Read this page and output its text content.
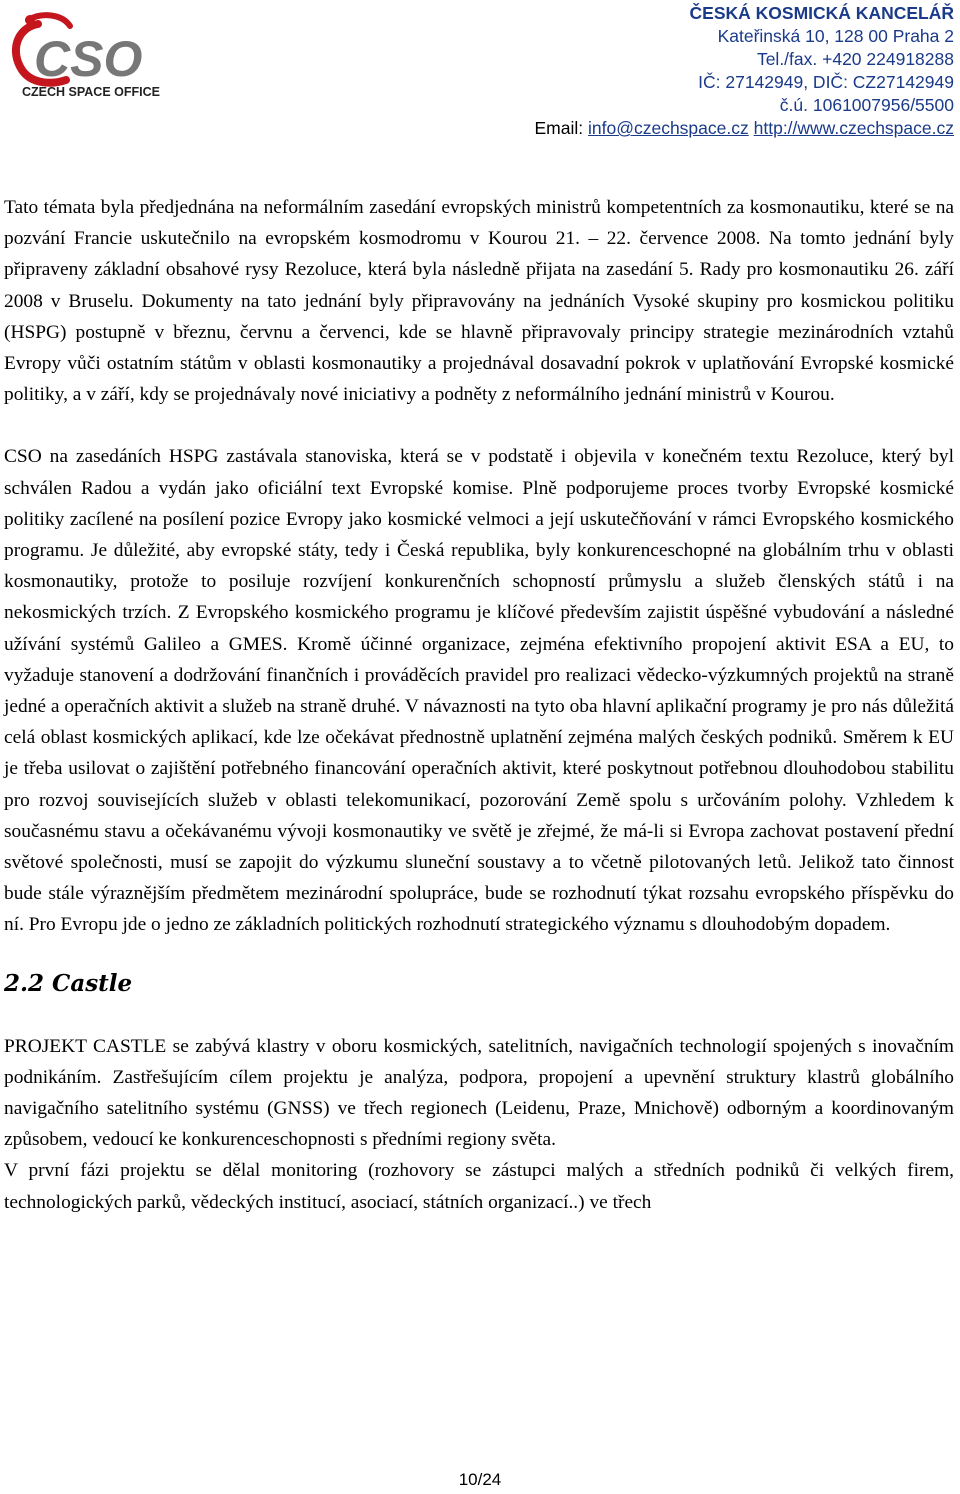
CSO
CZECH SPACE OFFICE
ČESKÁ KOSMICKÁ KANCELÁŘ
Kateřinská 10, 128 00 Praha 2
Tel./fax. +420 224918288
IČ: 27142949, DIČ: CZ27142949
č.ú. 1061007956/5500
Email: info@czechspace.cz http://www.czechspace.cz

Tato témata byla předjednána na neformálním zasedání evropských ministrů kompetentních za kosmonautiku, které se na pozvání Francie uskutečnilo na evropském kosmodromu v Kourou 21. – 22. července 2008. Na tomto jednání byly připraveny základní obsahové rysy Rezoluce, která byla následně přijata na zasedání 5. Rady pro kosmonautiku 26. září 2008 v Bruselu. Dokumenty na tato jednání byly připravovány na jednáních Vysoké skupiny pro kosmickou politiku (HSPG) postupně v březnu, červnu a červenci, kde se hlavně připravovaly principy strategie mezinárodních vztahů Evropy vůči ostatním státům v oblasti kosmonautiky a projednával dosavadní pokrok v uplatňování Evropské kosmické politiky, a v září, kdy se projednávaly nové iniciativy a podněty z neformálního jednání ministrů v Kourou.

CSO na zasedáních HSPG zastávala stanoviska, která se v podstatě i objevila v konečném textu Rezoluce, který byl schválen Radou a vydán jako oficiální text Evropské komise. Plně podporujeme proces tvorby Evropské kosmické politiky zacílené na posílení pozice Evropy jako kosmické velmoci a její uskutečňování v rámci Evropského kosmického programu. Je důležité, aby evropské státy, tedy i Česká republika, byly konkurenceschopné na globálním trhu v oblasti kosmonautiky, protože to posiluje rozvíjení konkurenčních schopností průmyslu a služeb členských států i na nekosmických trzích. Z Evropského kosmického programu je klíčové především zajistit úspěšné vybudování a následné užívání systémů Galileo a GMES. Kromě účinné organizace, zejména efektivního propojení aktivit ESA a EU, to vyžaduje stanovení a dodržování finančních i prováděcích pravidel pro realizaci vědecko-výzkumných projektů na straně jedné a operačních aktivit a služeb na straně druhé. V návaznosti na tyto oba hlavní aplikační programy je pro nás důležitá celá oblast kosmických aplikací, kde lze očekávat přednostně uplatnění zejména malých českých podniků. Směrem k EU je třeba usilovat o zajištění potřebného financování operačních aktivit, které poskytnout potřebnou dlouhodobou stabilitu pro rozvoj souvisejících služeb v oblasti telekomunikací, pozorování Země spolu s určováním polohy. Vzhledem k současnému stavu a očekávanému vývoji kosmonautiky ve světě je zřejmé, že má-li si Evropa zachovat postavení přední světové společnosti, musí se zapojit do výzkumu sluneční soustavy a to včetně pilotovaných letů. Jelikož tato činnost bude stále výraznějším předmětem mezinárodní spolupráce, bude se rozhodnutí týkat rozsahu evropského příspěvku do ní. Pro Evropu jde o jedno ze základních politických rozhodnutí strategického významu s dlouhodobým dopadem.

2.2 Castle

PROJEKT CASTLE se zabývá klastry v oboru kosmických, satelitních, navigačních technologií spojených s inovačním podnikáním. Zastřešujícím cílem projektu je analýza, podpora, propojení a upevnění struktury klastrů globálního navigačního satelitního systému (GNSS) ve třech regionech (Leidenu, Praze, Mnichově) odborným a koordinovaným způsobem, vedoucí ke konkurenceschopnosti s předními regiony světa.

V první fázi projektu se dělal monitoring (rozhovory se zástupci malých a středních podniků či velkých firem, technologických parků, vědeckých institucí, asociací, státních organizací..) ve třech

10/24
